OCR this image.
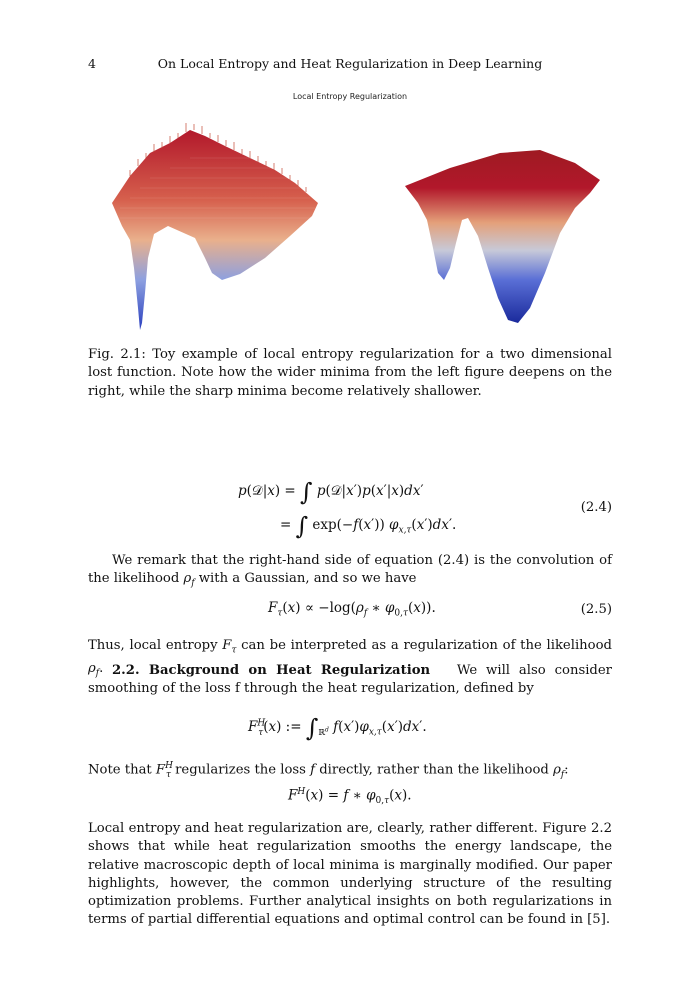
4	On Local Entropy and Heat Regularization in Deep Learning
Local Entropy Regularization
Fig. 2.1: Toy example of local entropy regularization for a two dimensional lost function. Note how the wider minima from the left figure deepens on the right, while the sharp minima become relatively shallower.
p(𝒟|x) = ∫ p(𝒟|x′)p(x′|x)dx′
= ∫ exp(−f(x′)) $\varphi_{x,\tau}(x')dx'$.
(2.4)
We remark that the right-hand side of equation (2.4) is the convolution of the likelihood $\rho_f$ with a Gaussian, and so we have
$F_\tau(x) \propto -\log(\rho_f$ ∗ $\varphi_{0,\tau}(x)$).	(2.5)
Thus, local entropy $F_\tau$ can be interpreted as a regularization of the likelihood $\rho_f$. 2.2. Background on Heat Regularization We will also consider smoothing of the loss f through the heat regularization, defined by
$F^H_\tau(x)$ := $\int_{ℝ^d}$ $f(x')\varphi_{x,\tau}(x')dx'$.
Note that $F^H_\tau$ regularizes the loss f directly, rather than the likelihood $\rho_f$:
$F^H(x) = f$ ∗ $\varphi_{0,\tau}(x)$.
Local entropy and heat regularization are, clearly, rather different. Figure 2.2 shows that while heat regularization smooths the energy landscape, the relative macroscopic depth of local minima is marginally modified. Our paper highlights, however, the common underlying structure of the resulting optimization problems. Further analytical insights on both regularizations in terms of partial differential equations and optimal control can be found in [5].
